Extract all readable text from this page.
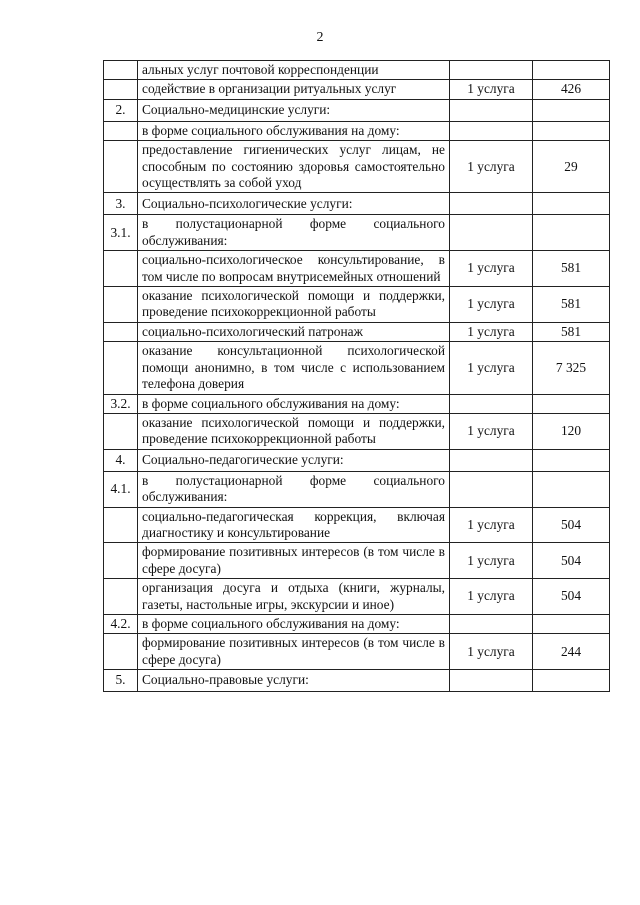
2
	альных услуг почтовой корреспонденции		
	содействие в организации ритуальных услуг	1 услуга	426
2.	Социально-медицинские услуги:		
	в форме социального обслуживания на дому:		
	предоставление гигиенических услуг лицам, не способным по состоянию здоровья самостоятельно осуществлять за собой уход	1 услуга	29
3.	Социально-психологические услуги:		
3.1.	в полустационарной форме социального обслуживания:		
	социально-психологическое консультирование, в том числе по вопросам внутрисемейных отношений	1 услуга	581
	оказание психологической помощи и поддержки, проведение психокоррекционной работы	1 услуга	581
	социально-психологический патронаж	1 услуга	581
	оказание консультационной психологической помощи анонимно, в том числе с использованием телефона доверия	1 услуга	7 325
3.2.	в форме социального обслуживания на дому:		
	оказание психологической помощи и поддержки, проведение психокоррекционной работы	1 услуга	120
4.	Социально-педагогические услуги:		
4.1.	в полустационарной форме социального обслуживания:		
	социально-педагогическая коррекция, включая диагностику и консультирование	1 услуга	504
	формирование позитивных интересов (в том числе в сфере досуга)	1 услуга	504
	организация досуга и отдыха (книги, журналы, газеты, настольные игры, экскурсии и иное)	1 услуга	504
4.2.	в форме социального обслуживания на дому:		
	формирование позитивных интересов (в том числе в сфере досуга)	1 услуга	244
5.	Социально-правовые услуги:		
